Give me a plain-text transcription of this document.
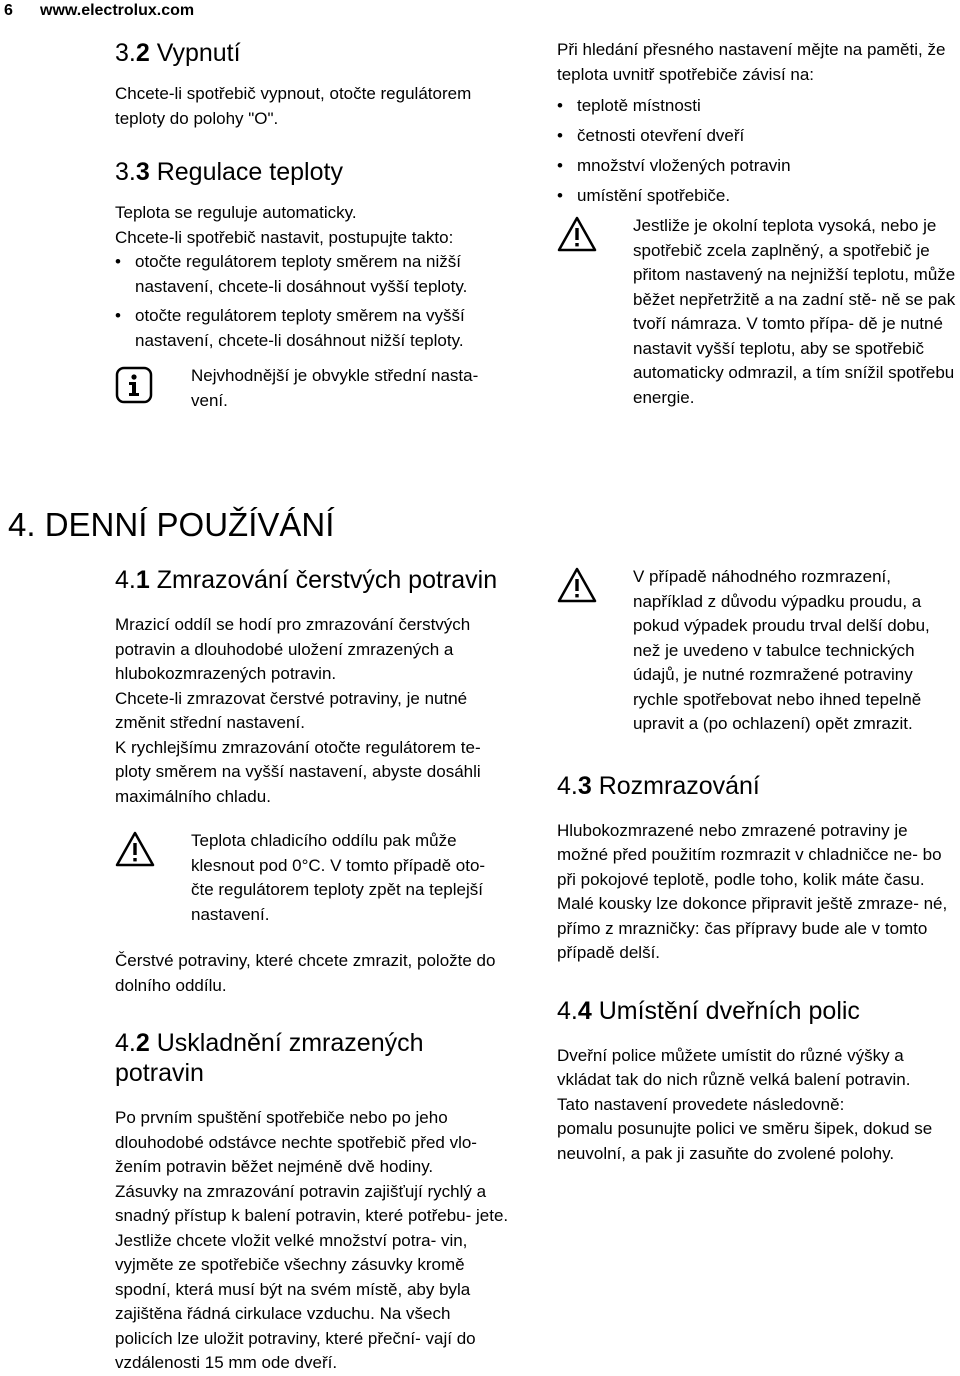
6 www.electrolux.com
3.2 Vypnutí

Chcete-li spotřebič vypnout, otočte regulátorem teploty do polohy "O".

3.3 Regulace teploty

Teplota se reguluje automaticky.

Chcete-li spotřebič nastavit, postupujte takto:

• otočte regulátorem teploty směrem na nižší nastavení, chcete-li dosáhnout vyšší teploty.
• otočte regulátorem teploty směrem na vyšší nastavení, chcete-li dosáhnout nižší teploty.

Nejvhodnější je obvykle střední nasta- vení.

Při hledání přesného nastavení mějte na paměti, že teplota uvnitř spotřebiče závisí na:

• teplotě místnosti
• četnosti otevření dveří
• množství vložených potravin
• umístění spotřebiče.

Jestliže je okolní teplota vysoká, nebo je spotřebič zcela zaplněný, a spotřebič je přitom nastavený na nejnižší teplotu, může běžet nepřetržitě a na zadní stě- ně se pak tvoří námraza. V tomto přípa- dě je nutné nastavit vyšší teplotu, aby se spotřebič automaticky odmrazil, a tím snížil spotřebu energie.

4. DENNÍ POUŽÍVÁNÍ
4.1 Zmrazování čerstvých potravin

Mrazicí oddíl se hodí pro zmrazování čerstvých potravin a dlouhodobé uložení zmrazených a hlubokozmrazených potravin.

Chcete-li zmrazovat čerstvé potraviny, je nutné změnit střední nastavení.

K rychlejšímu zmrazování otočte regulátorem te- ploty směrem na vyšší nastavení, abyste dosáhli maximálního chladu.

Teplota chladicího oddílu pak může klesnout pod 0°C. V tomto případě oto- čte regulátorem teploty zpět na teplejší nastavení.

Čerstvé potraviny, které chcete zmrazit, položte do dolního oddílu.

4.2 Uskladnění zmrazených potravin

Po prvním spuštění spotřebiče nebo po jeho dlouhodobé odstávce nechte spotřebič před vlo- žením potravin běžet nejméně dvě hodiny.

Zásuvky na zmrazování potravin zajišťují rychlý a snadný přístup k balení potravin, které potřebu- jete. Jestliže chcete vložit velké množství potra- vin, vyjměte ze spotřebiče všechny zásuvky kromě spodní, která musí být na svém místě, aby byla zajištěna řádná cirkulace vzduchu. Na všech policích lze uložit potraviny, které přeční- vají do vzdálenosti 15 mm ode dveří.

V případě náhodného rozmrazení, například z důvodu výpadku proudu, a pokud výpadek proudu trval delší dobu, než je uvedeno v tabulce technických údajů, je nutné rozmražené potraviny rychle spotřebovat nebo ihned tepelně upravit a (po ochlazení) opět zmrazit.

4.3 Rozmrazování

Hlubokozmrazené nebo zmrazené potraviny je možné před použitím rozmrazit v chladničce ne- bo při pokojové teplotě, podle toho, kolik máte času.

Malé kousky lze dokonce připravit ještě zmraze- né, přímo z mrazničky: čas přípravy bude ale v tomto případě delší.

4.4 Umístění dveřních polic

Dveřní police můžete umístit do různé výšky a vkládat tak do nich různě velká balení potravin.

Tato nastavení provedete následovně:

pomalu posunujte polici ve směru šipek, dokud se neuvolní, a pak ji zasuňte do zvolené polohy.
